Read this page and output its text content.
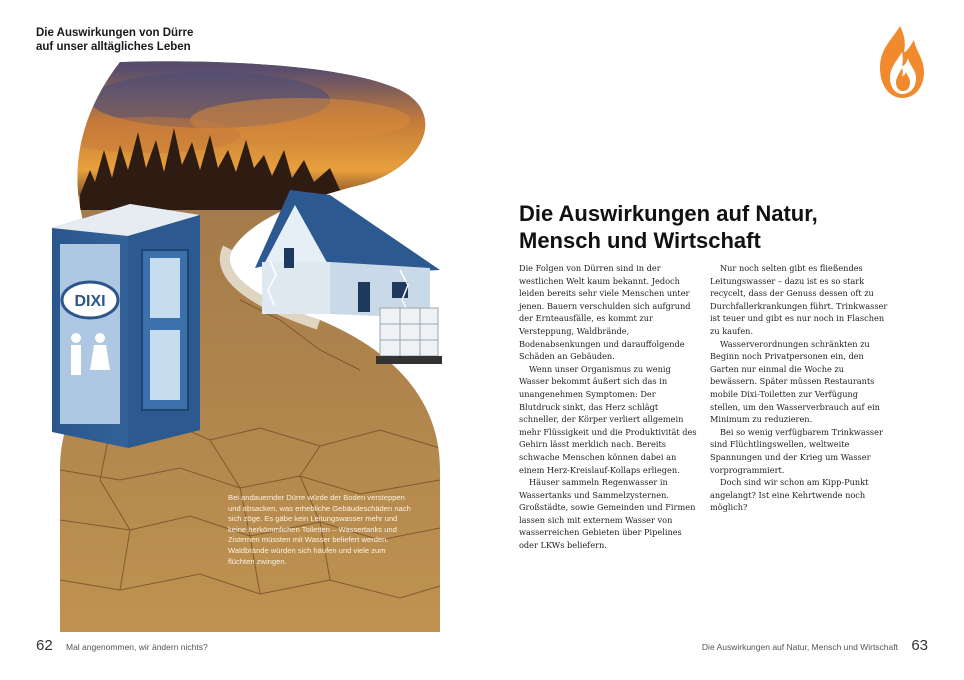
Die Auswirkungen von Dürre auf unser alltägliches Leben
DIXI
Bei andauernder Dürre würde der Boden versteppen und absacken, was erhebliche Gebäudeschäden nach sich zöge. Es gäbe kein Leitungswasser mehr und keine herkömmlichen Toiletten – Wassertanks und Zisternen müssten mit Wasser beliefert werden. Waldbrände würden sich häufen und viele zum flüchten zwingen.
Die Auswirkungen auf Natur,
Mensch und Wirtschaft

Die Folgen von Dürren sind in der westlichen Welt kaum bekannt. Jedoch leiden bereits sehr viele Menschen unter jenen. Bauern verschulden sich aufgrund der Ernteausfälle, es kommt zur Versteppung, Waldbrände, Bodenabsenkungen und darauffolgende Schäden an Gebäuden.

Wenn unser Organismus zu wenig Wasser bekommt äußert sich das in unangenehmen Symptomen: Der Blutdruck sinkt, das Herz schlägt schneller, der Körper verliert allgemein mehr Flüssigkeit und die Produktivität des Gehirn lässt merklich nach. Bereits schwache Menschen können dabei an einem Herz-Kreislauf-Kollaps erliegen.

Häuser sammeln Regenwasser in Wassertanks und Sammelzysternen. Großstädte, sowie Gemeinden und Firmen lassen sich mit externem Wasser von wasserreichen Gebieten über Pipelines oder LKWs beliefern.

Nur noch selten gibt es fließendes Leitungswasser – dazu ist es so stark recycelt, dass der Genuss dessen oft zu Durchfallerkrankungen führt. Trinkwasser ist teuer und gibt es nur noch in Flaschen zu kaufen.

Wasserverordnungen schränkten zu Beginn noch Privatpersonen ein, den Garten nur einmal die Woche zu bewässern. Später müssen Restaurants mobile Dixi-Toiletten zur Verfügung stellen, um den Wasserverbrauch auf ein Minimum zu reduzieren.

Bei so wenig verfügbarem Trinkwasser sind Flüchtlingswellen, weltweite Spannungen und der Krieg um Wasser vorprogrammiert.

Doch sind wir schon am Kipp-Punkt angelangt? Ist eine Kehrtwende noch möglich?

62 Mal angenommen, wir ändern nichts?	Die Auswirkungen auf Natur, Mensch und Wirtschaft 63
